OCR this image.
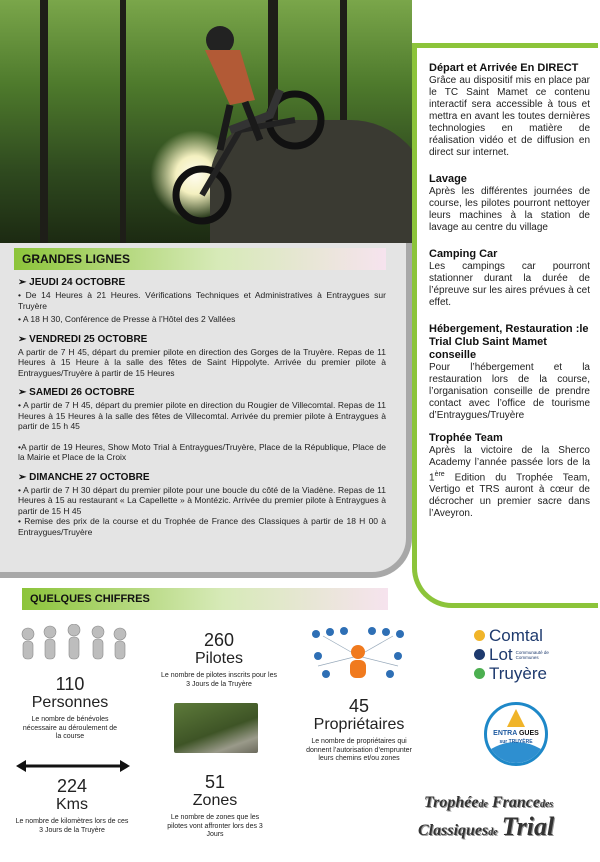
Départ et Arrivée En DIRECT
Grâce au dispositif mis en place par le TC Saint Mamet ce contenu interactif sera accessible à tous et mettra en avant les toutes dernières technologies en matière de réalisation vidéo et de diffusion en direct sur internet.
Lavage
Après les différentes journées de course, les pilotes pourront nettoyer leurs machines à la station de lavage au centre du village
Camping Car
Les campings car pourront stationner durant la durée de l’épreuve sur les aires prévues à cet effet.
Hébergement, Restauration :le Trial Club Saint Mamet conseille
Pour l’hébergement et la restauration lors de la course, l’organisation conseille de prendre contact avec l’office de tourisme d’Entraygues/Truyère
Trophée Team
Après la victoire de la Sherco Academy l’année passée lors de la 1ère Edition du Trophée Team, Vertigo et TRS auront à cœur de décrocher un premier sacre dans l’Aveyron.
GRANDES LIGNES
➢ JEUDI 24 OCTOBRE
• De 14 Heures à 21 Heures. Vérifications Techniques et Administratives à Entraygues sur Truyère
• A 18 H 30, Conférence de Presse à l’Hôtel des 2 Vallées
➢ VENDREDI 25 OCTOBRE
A partir de 7 H 45, départ du premier pilote en direction des Gorges de la Truyère. Repas de 11 Heures à 15 Heure à la salle des fêtes de Saint Hippolyte. Arrivée du premier pilote à Entraygues/Truyère à partir de 15 Heures
➢ SAMEDI 26 OCTOBRE
• A partir de 7 H 45, départ du premier pilote en direction du Rougier de Villecomtal. Repas de 11 Heures à 15 Heures à la salle des fêtes de Villecomtal. Arrivée du premier pilote à Entraygues à partir de 15 h 45
•A partir de 19 Heures, Show Moto Trial à Entraygues/Truyère, Place de la République, Place de la Mairie et Place de la Croix
➢ DIMANCHE 27 OCTOBRE
• A partir de 7 H 30 départ du premier pilote pour une boucle du côté de la Viadène. Repas de 11 Heures à 15 au restaurant « La Capellette » à Montézic. Arrivée du premier pilote à Entraygues à partir de 15 H 45
• Remise des prix de la course et du Trophée de France des Classiques à partir de 18 H 00 à Entraygues/Truyère
QUELQUES CHIFFRES
110
Personnes
Le nombre de bénévoles nécessaire au déroulement de la course
260
Pilotes
Le nombre de pilotes inscrits pour les 3 Jours de la Truyère
45
Propriétaires
Le nombre de propriétaires qui donnent l’autorisation d’emprunter leurs chemins et/ou zones
224
Kms
Le nombre de kilomètres lors de ces 3 Jours de la Truyère
51
Zones
Le nombre de zones que les pilotes vont affronter lors des 3 Jours
Comtal
Lot Communauté de Communes
Truyère
ENTRA GUES
sur TRUYÈRE
Trophéede Francedes
Classiquesde Trial
